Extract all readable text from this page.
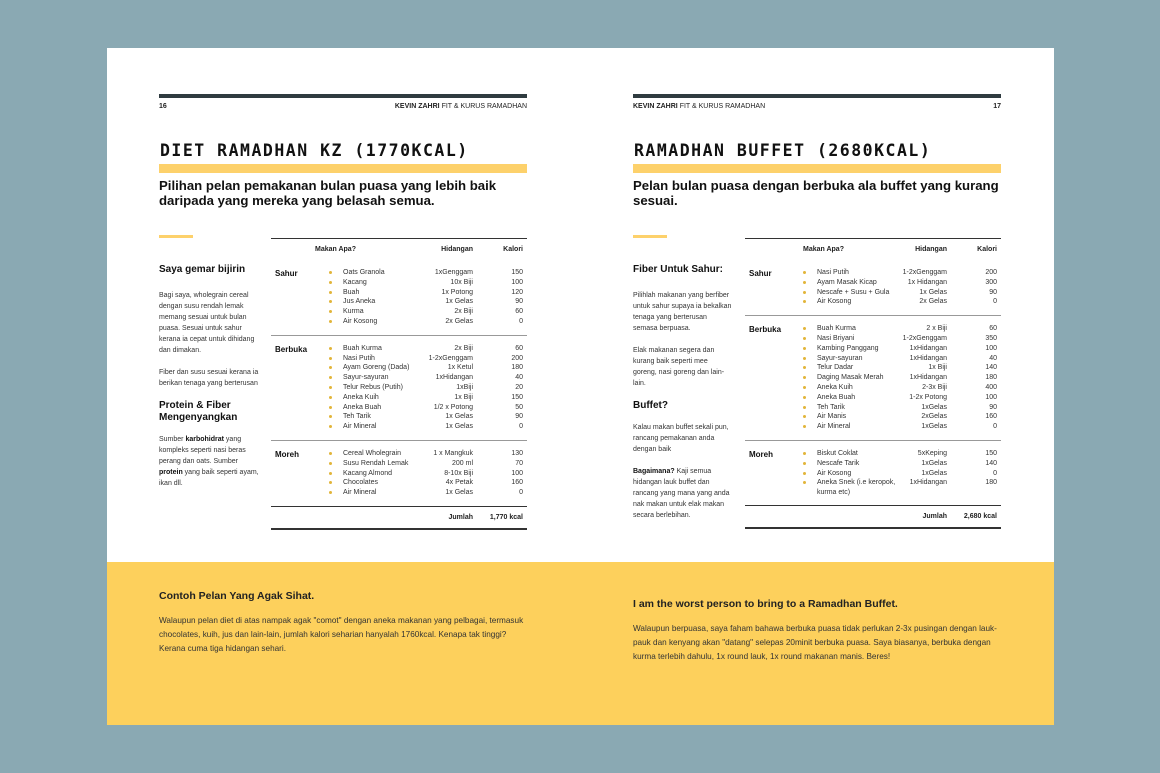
16	KEVIN ZAHRI FIT & KURUS RAMADHAN
DIET RAMADHAN KZ (1770KCAL)
Pilihan pelan pemakanan bulan puasa yang lebih baik daripada yang mereka yang belasah semua.
Saya gemar bijirin

Bagi saya, wholegrain cereal dengan susu rendah lemak memang sesuai untuk bulan puasa. Sesuai untuk sahur kerana ia cepat untuk dihidang dan dimakan.

Fiber dan susu sesuai kerana ia berikan tenaga yang berterusan

Protein & Fiber Mengenyangkan

Sumber karbohidrat yang kompleks seperti nasi beras perang dan oats. Sumber protein yang baik seperti ayam, ikan dll.

Makan Apa?	Hidangan	Kalori
Sahur	Oats Granola	1xGenggam	150
Kacang	10x Biji	100
Buah	1x Potong	120
Jus Aneka	1x Gelas	90
Kurma	2x Biji	60
Air Kosong	2x Gelas	0
Berbuka	Buah Kurma	2x Biji	60
Nasi Putih	1-2xGenggam	200
Ayam Goreng (Dada)	1x Ketul	180
Sayur-sayuran	1xHidangan	40
Telur Rebus (Putih)	1xBiji	20
Aneka Kuih	1x Biji	150
Aneka Buah	1/2 x Potong	50
Teh Tarik	1x Gelas	90
Air Mineral	1x Gelas	0
Moreh	Cereal Wholegrain	1 x Mangkuk	130
Susu Rendah Lemak	200 ml	70
Kacang Almond	8-10x Biji	100
Chocolates	4x Petak	160
Air Mineral	1x Gelas	0
Jumlah 1,770 kcal
KEVIN ZAHRI FIT & KURUS RAMADHAN	17
RAMADHAN BUFFET (2680KCAL)
Pelan bulan puasa dengan berbuka ala buffet yang kurang sesuai.
Fiber Untuk Sahur:

Pilihlah makanan yang berfiber untuk sahur supaya ia bekalkan tenaga yang berterusan semasa berpuasa.

Elak makanan segera dan kurang baik seperti mee goreng, nasi goreng dan lain-lain.

Buffet?

Kalau makan buffet sekali pun, rancang pemakanan anda dengan baik

Bagaimana? Kaji semua hidangan lauk buffet dan rancang yang mana yang anda nak makan untuk elak makan secara berlebihan.

Makan Apa?	Hidangan	Kalori
Sahur	Nasi Putih	1-2xGenggam	200
Ayam Masak Kicap	1x Hidangan	300
Nescafe + Susu + Gula	1x Gelas	90
Air Kosong	2x Gelas	0
Berbuka	Buah Kurma	2 x Biji	60
Nasi Briyani	1-2xGenggam	350
Kambing Panggang	1xHidangan	100
Sayur-sayuran	1xHidangan	40
Telur Dadar	1x Biji	140
Daging Masak Merah	1xHidangan	180
Aneka Kuih	2-3x Biji	400
Aneka Buah	1-2x Potong	100
Teh Tarik	1xGelas	90
Air Manis	2xGelas	160
Air Mineral	1xGelas	0
Moreh	Biskut Coklat	5xKeping	150
Nescafe Tarik	1xGelas	140
Air Kosong	1xGelas	0
Aneka Snek (i.e keropok, kurma etc)
1xHidangan	180
Jumlah 2,680 kcal
Contoh Pelan Yang Agak Sihat.

Walaupun pelan diet di atas nampak agak "comot" dengan aneka makanan yang pelbagai, termasuk chocolates, kuih, jus dan lain-lain, jumlah kalori seharian hanyalah 1760kcal. Kenapa tak tinggi? Kerana cuma tiga hidangan sehari.

I am the worst person to bring to a Ramadhan Buffet.

Walaupun berpuasa, saya faham bahawa berbuka puasa tidak perlukan 2-3x pusingan dengan lauk-pauk dan kenyang akan "datang" selepas 20minit berbuka puasa. Saya biasanya, berbuka dengan kurma terlebih dahulu, 1x round lauk, 1x round makanan manis. Beres!
